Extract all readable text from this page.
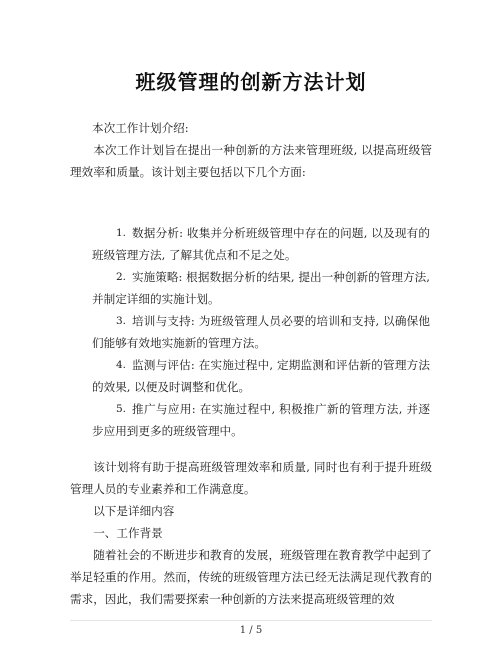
班级管理的创新方法计划
本次工作计划介绍:
本次工作计划旨在提出一种创新的方法来管理班级, 以提高班级管理效率和质量。该计划主要包括以下几个方面:
1. 数据分析: 收集并分析班级管理中存在的问题, 以及现有的班级管理方法, 了解其优点和不足之处。
2. 实施策略: 根据数据分析的结果, 提出一种创新的管理方法, 并制定详细的实施计划。
3. 培训与支持: 为班级管理人员必要的培训和支持, 以确保他们能够有效地实施新的管理方法。
4. 监测与评估: 在实施过程中, 定期监测和评估新的管理方法的效果, 以便及时调整和优化。
5. 推广与应用: 在实施过程中, 积极推广新的管理方法, 并逐步应用到更多的班级管理中。
该计划将有助于提高班级管理效率和质量, 同时也有利于提升班级管理人员的专业素养和工作满意度。
以下是详细内容
一、工作背景
随着社会的不断进步和教育的发展，班级管理在教育教学中起到了举足轻重的作用。然而，传统的班级管理方法已经无法满足现代教育的需求，因此，我们需要探索一种创新的方法来提高班级管理的效
1 / 5
